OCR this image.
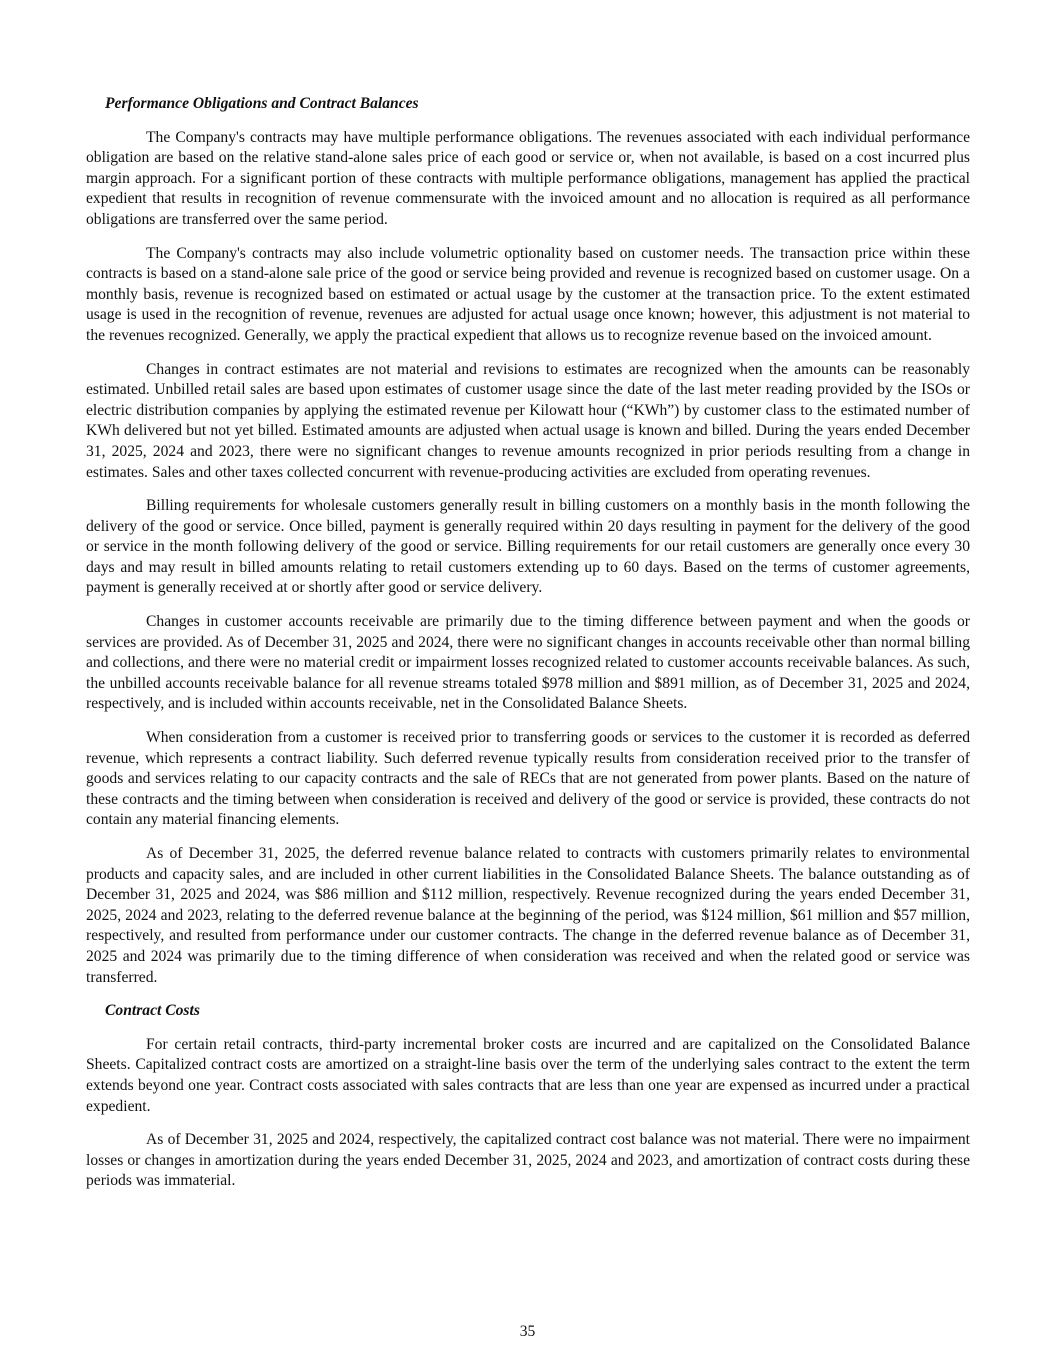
Performance Obligations and Contract Balances

The Company's contracts may have multiple performance obligations. The revenues associated with each individual performance obligation are based on the relative stand-alone sales price of each good or service or, when not available, is based on a cost incurred plus margin approach. For a significant portion of these contracts with multiple performance obligations, management has applied the practical expedient that results in recognition of revenue commensurate with the invoiced amount and no allocation is required as all performance obligations are transferred over the same period.

The Company's contracts may also include volumetric optionality based on customer needs. The transaction price within these contracts is based on a stand-alone sale price of the good or service being provided and revenue is recognized based on customer usage. On a monthly basis, revenue is recognized based on estimated or actual usage by the customer at the transaction price. To the extent estimated usage is used in the recognition of revenue, revenues are adjusted for actual usage once known; however, this adjustment is not material to the revenues recognized. Generally, we apply the practical expedient that allows us to recognize revenue based on the invoiced amount.

Changes in contract estimates are not material and revisions to estimates are recognized when the amounts can be reasonably estimated. Unbilled retail sales are based upon estimates of customer usage since the date of the last meter reading provided by the ISOs or electric distribution companies by applying the estimated revenue per Kilowatt hour (“KWh”) by customer class to the estimated number of KWh delivered but not yet billed. Estimated amounts are adjusted when actual usage is known and billed. During the years ended December 31, 2025, 2024 and 2023, there were no significant changes to revenue amounts recognized in prior periods resulting from a change in estimates. Sales and other taxes collected concurrent with revenue-producing activities are excluded from operating revenues.

Billing requirements for wholesale customers generally result in billing customers on a monthly basis in the month following the delivery of the good or service. Once billed, payment is generally required within 20 days resulting in payment for the delivery of the good or service in the month following delivery of the good or service. Billing requirements for our retail customers are generally once every 30 days and may result in billed amounts relating to retail customers extending up to 60 days. Based on the terms of customer agreements, payment is generally received at or shortly after good or service delivery.

Changes in customer accounts receivable are primarily due to the timing difference between payment and when the goods or services are provided. As of December 31, 2025 and 2024, there were no significant changes in accounts receivable other than normal billing and collections, and there were no material credit or impairment losses recognized related to customer accounts receivable balances. As such, the unbilled accounts receivable balance for all revenue streams totaled $978 million and $891 million, as of December 31, 2025 and 2024, respectively, and is included within accounts receivable, net in the Consolidated Balance Sheets.

When consideration from a customer is received prior to transferring goods or services to the customer it is recorded as deferred revenue, which represents a contract liability. Such deferred revenue typically results from consideration received prior to the transfer of goods and services relating to our capacity contracts and the sale of RECs that are not generated from power plants. Based on the nature of these contracts and the timing between when consideration is received and delivery of the good or service is provided, these contracts do not contain any material financing elements.

As of December 31, 2025, the deferred revenue balance related to contracts with customers primarily relates to environmental products and capacity sales, and are included in other current liabilities in the Consolidated Balance Sheets. The balance outstanding as of December 31, 2025 and 2024, was $86 million and $112 million, respectively. Revenue recognized during the years ended December 31, 2025, 2024 and 2023, relating to the deferred revenue balance at the beginning of the period, was $124 million, $61 million and $57 million, respectively, and resulted from performance under our customer contracts. The change in the deferred revenue balance as of December 31, 2025 and 2024 was primarily due to the timing difference of when consideration was received and when the related good or service was transferred.

Contract Costs

For certain retail contracts, third-party incremental broker costs are incurred and are capitalized on the Consolidated Balance Sheets. Capitalized contract costs are amortized on a straight-line basis over the term of the underlying sales contract to the extent the term extends beyond one year. Contract costs associated with sales contracts that are less than one year are expensed as incurred under a practical expedient.

As of December 31, 2025 and 2024, respectively, the capitalized contract cost balance was not material. There were no impairment losses or changes in amortization during the years ended December 31, 2025, 2024 and 2023, and amortization of contract costs during these periods was immaterial.

35
